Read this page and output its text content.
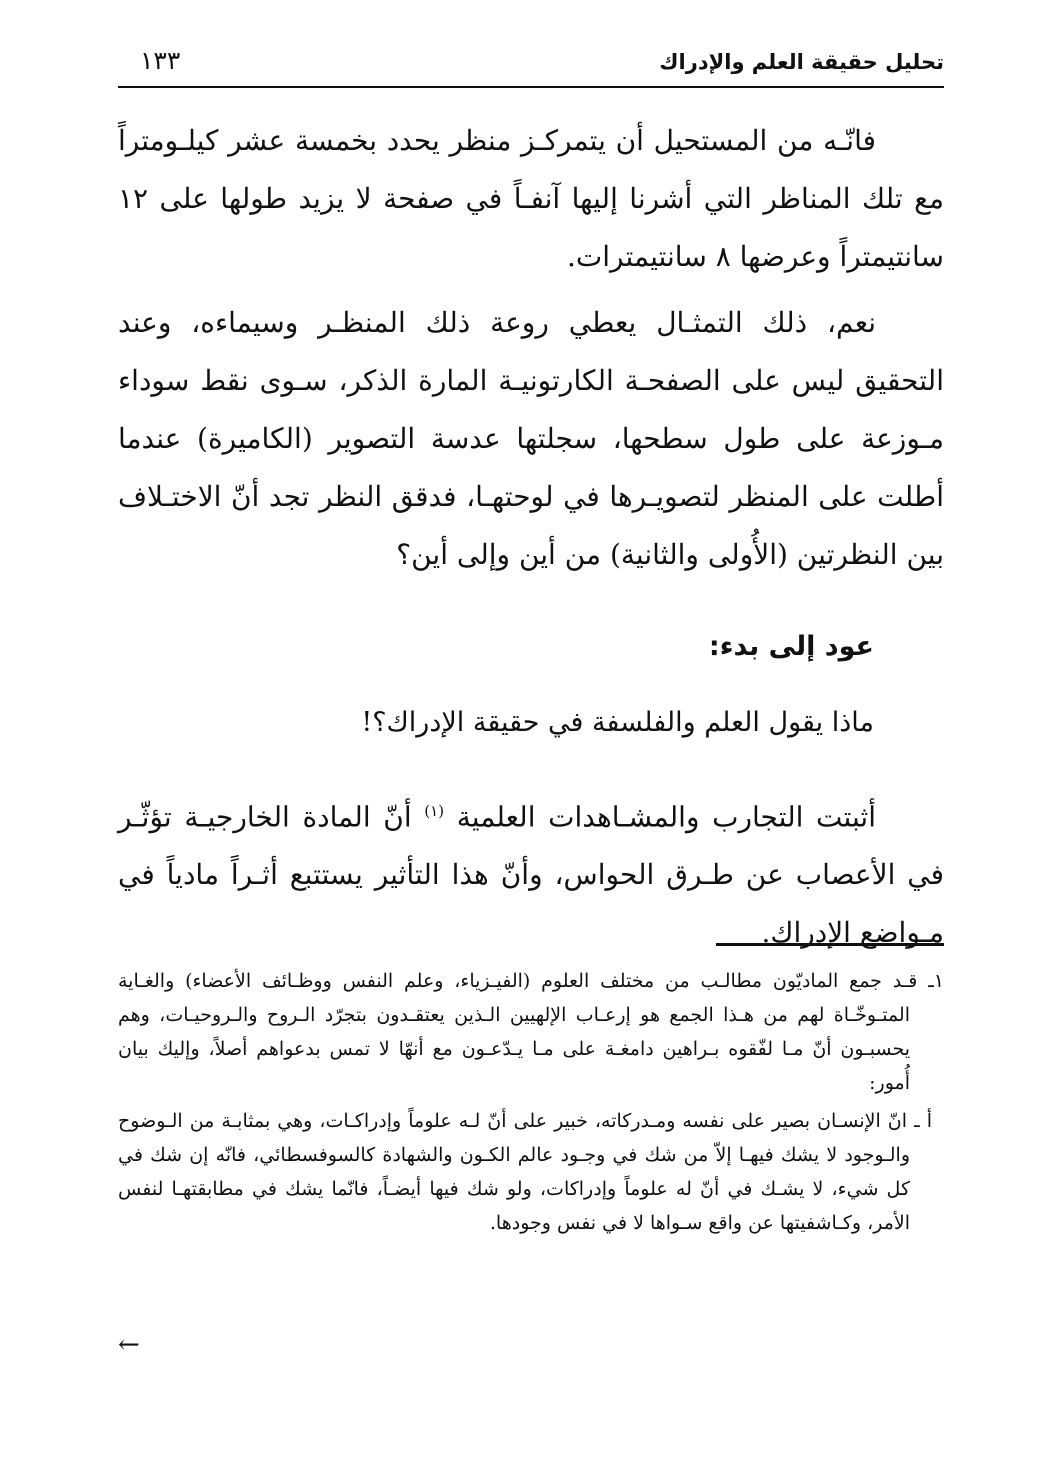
تحليل حقيقة العلم والإدراك
١٣٣

فانّـه من المستحيل أن يتمركـز منظر يحدد بخمسة عشر كيلـومتراً مع تلك المناظر التي أشرنا إليها آنفـاً في صفحة لا يزيد طولها على ١٢ سانتيمتراً وعرضها ٨ سانتيمترات.

نعم، ذلك التمثـال يعطي روعة ذلك المنظـر وسيماءه، وعند التحقيق ليس على الصفحـة الكارتونيـة المارة الذكر، سـوى نقط سوداء مـوزعة على طول سطحها، سجلتها عدسة التصوير (الكاميرة) عندما أطلت على المنظر لتصويـرها في لوحتهـا، فدقق النظر تجد أنّ الاختـلاف بين النظرتين (الأُولى والثانية) من أين وإلى أين؟

عود إلى بدء:

ماذا يقول العلم والفلسفة في حقيقة الإدراك؟!

أثبتت التجارب والمشـاهدات العلمية $^{(١)}$ أنّ المادة الخارجيـة تؤثّـر في الأعصاب عن طـرق الحواس، وأنّ هذا التأثير يستتبع أثـراً مادياً في مـواضع الإدراك.

١ـ قـد جمع الماديّون مطالـب من مختلف العلوم (الفيـزياء، وعلم النفس ووظـائف الأعضاء) والغـاية المتـوخّـاة لهم من هـذا الجمع هو إرعـاب الإلهيين الـذين يعتقـدون بتجرّد الـروح والـروحيـات، وهم يحسبـون أنّ مـا لفّقوه بـراهين دامغـة على مـا يـدّعـون مع أنهّا لا تمس بدعواهم أصلاً، وإليك بيان أُمور:

أ ـ انّ الإنسـان بصير على نفسه ومـدركاته، خبير على أنّ لـه علوماً وإدراكـات، وهي بمثابـة من الـوضوح والـوجود لا يشك فيهـا إلاّ من شك في وجـود عالم الكـون والشهادة كالسوفسطائي، فانّه إن شك في كل شيء، لا يشـك في أنّ له علوماً وإدراكات، ولو شك فيها أيضـاً، فانّما يشك في مطابقتهـا لنفس الأمر، وكـاشفيتها عن واقع سـواها لا في نفس وجودها.

←
